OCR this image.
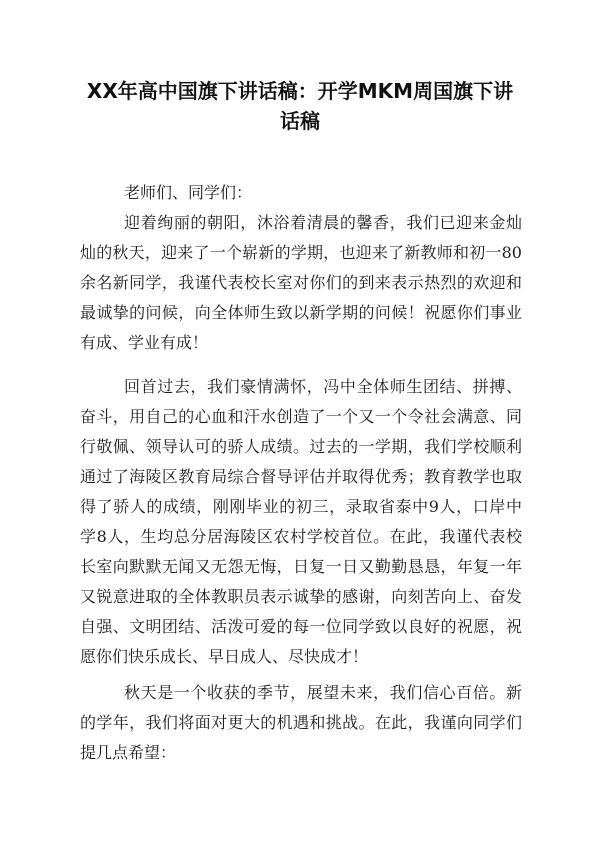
XX年高中国旗下讲话稿：开学MKM周国旗下讲话稿

老师们、同学们：

迎着绚丽的朝阳，沐浴着清晨的馨香，我们已迎来金灿灿的秋天，迎来了一个崭新的学期，也迎来了新教师和初一80余名新同学，我谨代表校长室对你们的到来表示热烈的欢迎和最诚挚的问候，向全体师生致以新学期的问候！祝愿你们事业有成、学业有成！

回首过去，我们豪情满怀，冯中全体师生团结、拼搏、奋斗，用自己的心血和汗水创造了一个又一个令社会满意、同行敬佩、领导认可的骄人成绩。过去的一学期，我们学校顺利通过了海陵区教育局综合督导评估并取得优秀；教育教学也取得了骄人的成绩，刚刚毕业的初三，录取省泰中9人，口岸中学8人，生均总分居海陵区农村学校首位。在此，我谨代表校长室向默默无闻又无怨无悔，日复一日又勤勤恳恳，年复一年又锐意进取的全体教职员表示诚挚的感谢，向刻苦向上、奋发自强、文明团结、活泼可爱的每一位同学致以良好的祝愿，祝愿你们快乐成长、早日成人、尽快成才！

秋天是一个收获的季节，展望未来，我们信心百倍。新的学年，我们将面对更大的机遇和挑战。在此，我谨向同学们提几点希望：
